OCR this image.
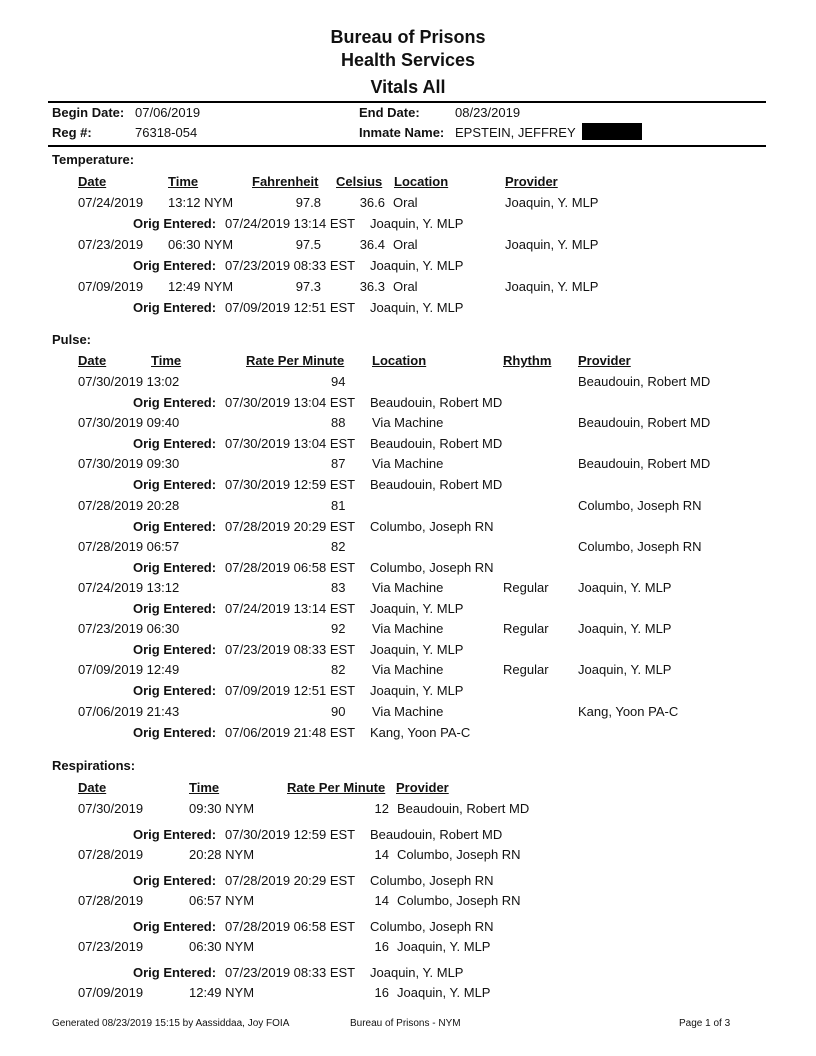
Bureau of Prisons
Health Services
Vitals All
Begin Date: 07/06/2019	End Date:	08/23/2019
Reg #:	76318-054	Inmate Name: EPSTEIN, JEFFREY
Temperature:
Date	Time	Fahrenheit Celsius Location	Provider
07/24/2019 13:12 NYM	97.8	36.6 Oral	Joaquin, Y. MLP
Orig Entered: 07/24/2019 13:14 EST Joaquin, Y. MLP
07/23/2019 06:30 NYM	97.5	36.4 Oral	Joaquin, Y. MLP
Orig Entered: 07/23/2019 08:33 EST Joaquin, Y. MLP
07/09/2019 12:49 NYM	97.3	36.3 Oral	Joaquin, Y. MLP
Orig Entered: 07/09/2019 12:51 EST Joaquin, Y. MLP
Pulse:
Date	Time	Rate Per Minute Location	Rhythm Provider
07/30/2019 13:02	94	Beaudouin, Robert MD
Orig Entered: 07/30/2019 13:04 EST Beaudouin, Robert MD
07/30/2019 09:40	88 Via Machine	Beaudouin, Robert MD
Orig Entered: 07/30/2019 13:04 EST Beaudouin, Robert MD
07/30/2019 09:30	87 Via Machine	Beaudouin, Robert MD
Orig Entered: 07/30/2019 12:59 EST Beaudouin, Robert MD
07/28/2019 20:28	81	Columbo, Joseph RN
Orig Entered: 07/28/2019 20:29 EST Columbo, Joseph RN
07/28/2019 06:57	82	Columbo, Joseph RN
Orig Entered: 07/28/2019 06:58 EST Columbo, Joseph RN
07/24/2019 13:12	83 Via Machine	Regular Joaquin, Y. MLP
Orig Entered: 07/24/2019 13:14 EST Joaquin, Y. MLP
07/23/2019 06:30	92 Via Machine	Regular Joaquin, Y. MLP
Orig Entered: 07/23/2019 08:33 EST Joaquin, Y. MLP
07/09/2019 12:49	82 Via Machine	Regular Joaquin, Y. MLP
Orig Entered: 07/09/2019 12:51 EST Joaquin, Y. MLP
07/06/2019 21:43	90 Via Machine	Kang, Yoon PA-C
Orig Entered: 07/06/2019 21:48 EST Kang, Yoon PA-C
Respirations:
Date	Time	Rate Per Minute Provider
07/30/2019	09:30 NYM	12 Beaudouin, Robert MD
Orig Entered: 07/30/2019 12:59 EST Beaudouin, Robert MD
07/28/2019	20:28 NYM	14 Columbo, Joseph RN
Orig Entered: 07/28/2019 20:29 EST Columbo, Joseph RN
07/28/2019	06:57 NYM	14 Columbo, Joseph RN
Orig Entered: 07/28/2019 06:58 EST Columbo, Joseph RN
07/23/2019	06:30 NYM	16 Joaquin, Y. MLP
Orig Entered: 07/23/2019 08:33 EST Joaquin, Y. MLP
07/09/2019	12:49 NYM	16 Joaquin, Y. MLP
Generated 08/23/2019 15:15 by Aassiddaa, Joy FOIA	Bureau of Prisons - NYM	Page 1 of 3
